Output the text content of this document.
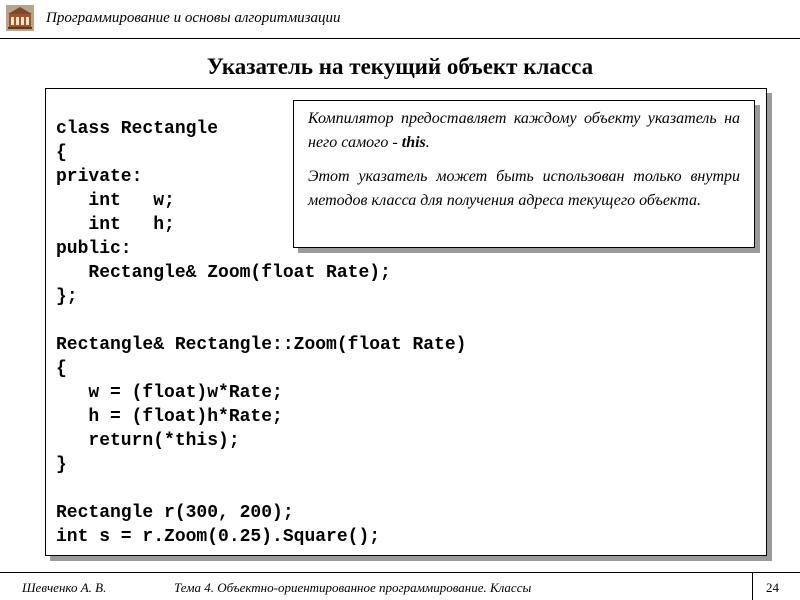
Программирование и основы алгоритмизации
Указатель на текущий объект класса
class Rectangle
{
private:
int   w;
int   h;
public:
Rectangle& Zoom(float Rate);
};
Rectangle& Rectangle::Zoom(float Rate)
{
w = (float)w*Rate;
h = (float)h*Rate;
return(*this);
}
Rectangle r(300, 200);
int s = r.Zoom(0.25).Square();

Компилятор предоставляет каждому объекту указатель на него самого - this.

Этот указатель может быть использован только внутри методов класса для получения адреса текущего объекта.

Шевченко А. В.	Тема 4. Объектно-ориентированное программирование. Классы	24
